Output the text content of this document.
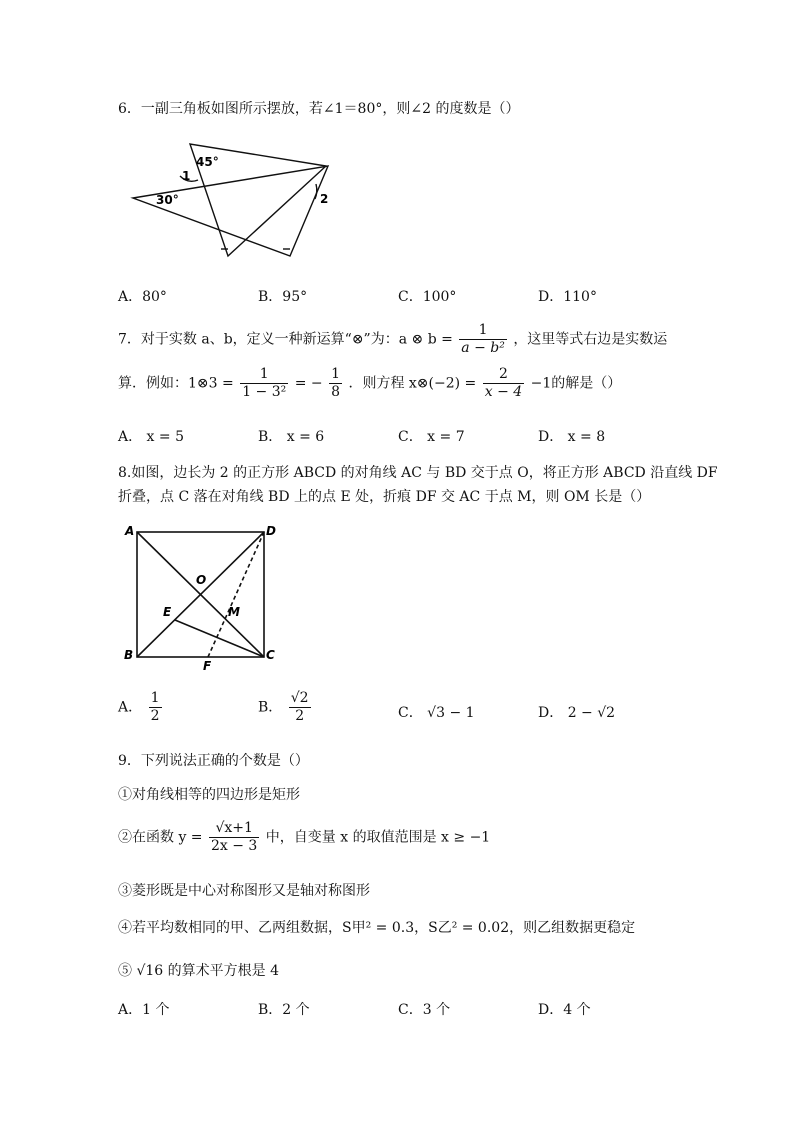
6．一副三角板如图所示摆放，若∠1＝80°，则∠2 的度数是（）
45°
1
30°	2
A．80°	B．95°	C．100°	D．110°
7．对于实数 a、b，定义一种新运算“⊗”为：a ⊗ $b = \frac{1}{\text{a − b²}}$ ，这里等式右边是实数运
算．例如：1⊗3 = $\frac{1}{\text{1 − 3²}}$ = − $\frac{1}{8}$ ．则方程 x⊗(−2) = $\frac{2}{x - 4} -1$的解是（）
A． x = 5	B． x = 6	C． x = 7	D． x = 8
8.如图，边长为 2 的正方形 ABCD 的对角线 AC 与 BD 交于点 O，将正方形 ABCD 沿直线 DF
折叠，点 C 落在对角线 BD 上的点 E 处，折痕 DF 交 AC 于点 M，则 OM 长是（）
A	D
O
E	M
B
F
C
A． $\frac{1}{2}$	B． $\frac{√2}{2}$	C． √3 − 1	D． 2 − √2
9．下列说法正确的个数是（）
①对角线相等的四边形是矩形
②在函数 $y = \frac{√x+1}{2x - 3}$ 中，自变量 x 的取值范围是 x ≥ −1
③菱形既是中心对称图形又是轴对称图形
④若平均数相同的甲、乙两组数据，S甲² = 0.3，S乙² = 0.02，则乙组数据更稳定
⑤ √16 的算术平方根是 4
A．1 个	B．2 个	C．3 个	D．4 个
